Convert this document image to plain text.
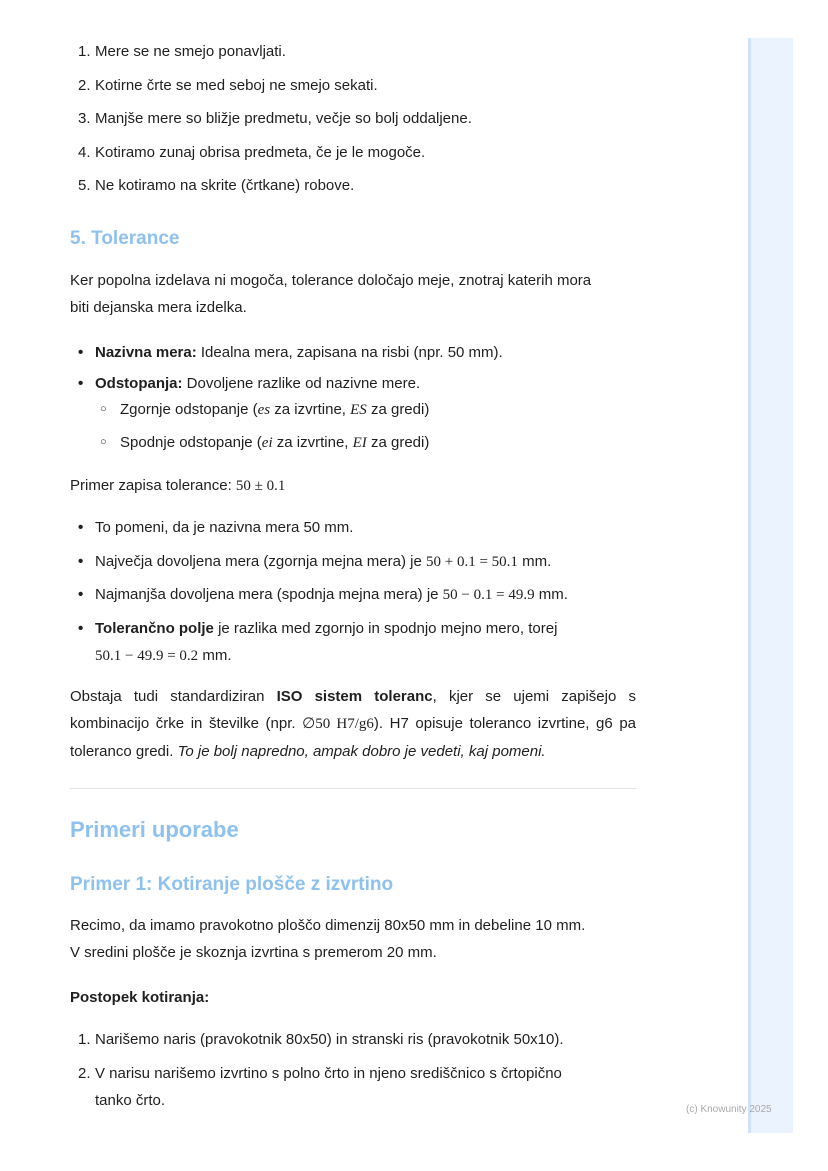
(c) Knowunity 2025
1. Mere se ne smejo ponavljati.
2. Kotirne črte se med seboj ne smejo sekati.
3. Manjše mere so bližje predmetu, večje so bolj oddaljene.
4. Kotiramo zunaj obrisa predmeta, če je le mogoče.
5. Ne kotiramo na skrite (črtkane) robove.
5. Tolerance
Ker popolna izdelava ni mogoča, tolerance določajo meje, znotraj katerih mora
biti dejanska mera izdelka.
• Nazivna mera: Idealna mera, zapisana na risbi (npr. 50 mm).
• Odstopanja: Dovoljene razlike od nazivne mere.
○ Zgornje odstopanje (es za izvrtine, ES za gredi)
○ Spodnje odstopanje (ei za izvrtine, EI za gredi)
Primer zapisa tolerance: 50 ± 0.1
• To pomeni, da je nazivna mera 50 mm.
• Največja dovoljena mera (zgornja mejna mera) je 50 + 0.1 = 50.1 mm.
• Najmanjša dovoljena mera (spodnja mejna mera) je 50 − 0.1 = 49.9 mm.
• Tolerančno polje je razlika med zgornjo in spodnjo mejno mero, torej

50.1 − 49.9 = 0.2 mm.
Obstaja tudi standardiziran ISO sistem toleranc, kjer se ujemi zapišejo s kombinacijo črke in številke (npr. ∅50 H7/g6). H7 opisuje toleranco izvrtine, g6 pa toleranco gredi. To je bolj napredno, ampak dobro je vedeti, kaj pomeni.
Primeri uporabe
Primer 1: Kotiranje plošče z izvrtino
Recimo, da imamo pravokotno ploščo dimenzij 80x50 mm in debeline 10 mm.
V sredini plošče je skoznja izvrtina s premerom 20 mm.
Postopek kotiranja:
1. Narišemo naris (pravokotnik 80x50) in stranski ris (pravokotnik 50x10).
2. V narisu narišemo izvrtino s polno črto in njeno središčnico s črtopično

tanko črto.
